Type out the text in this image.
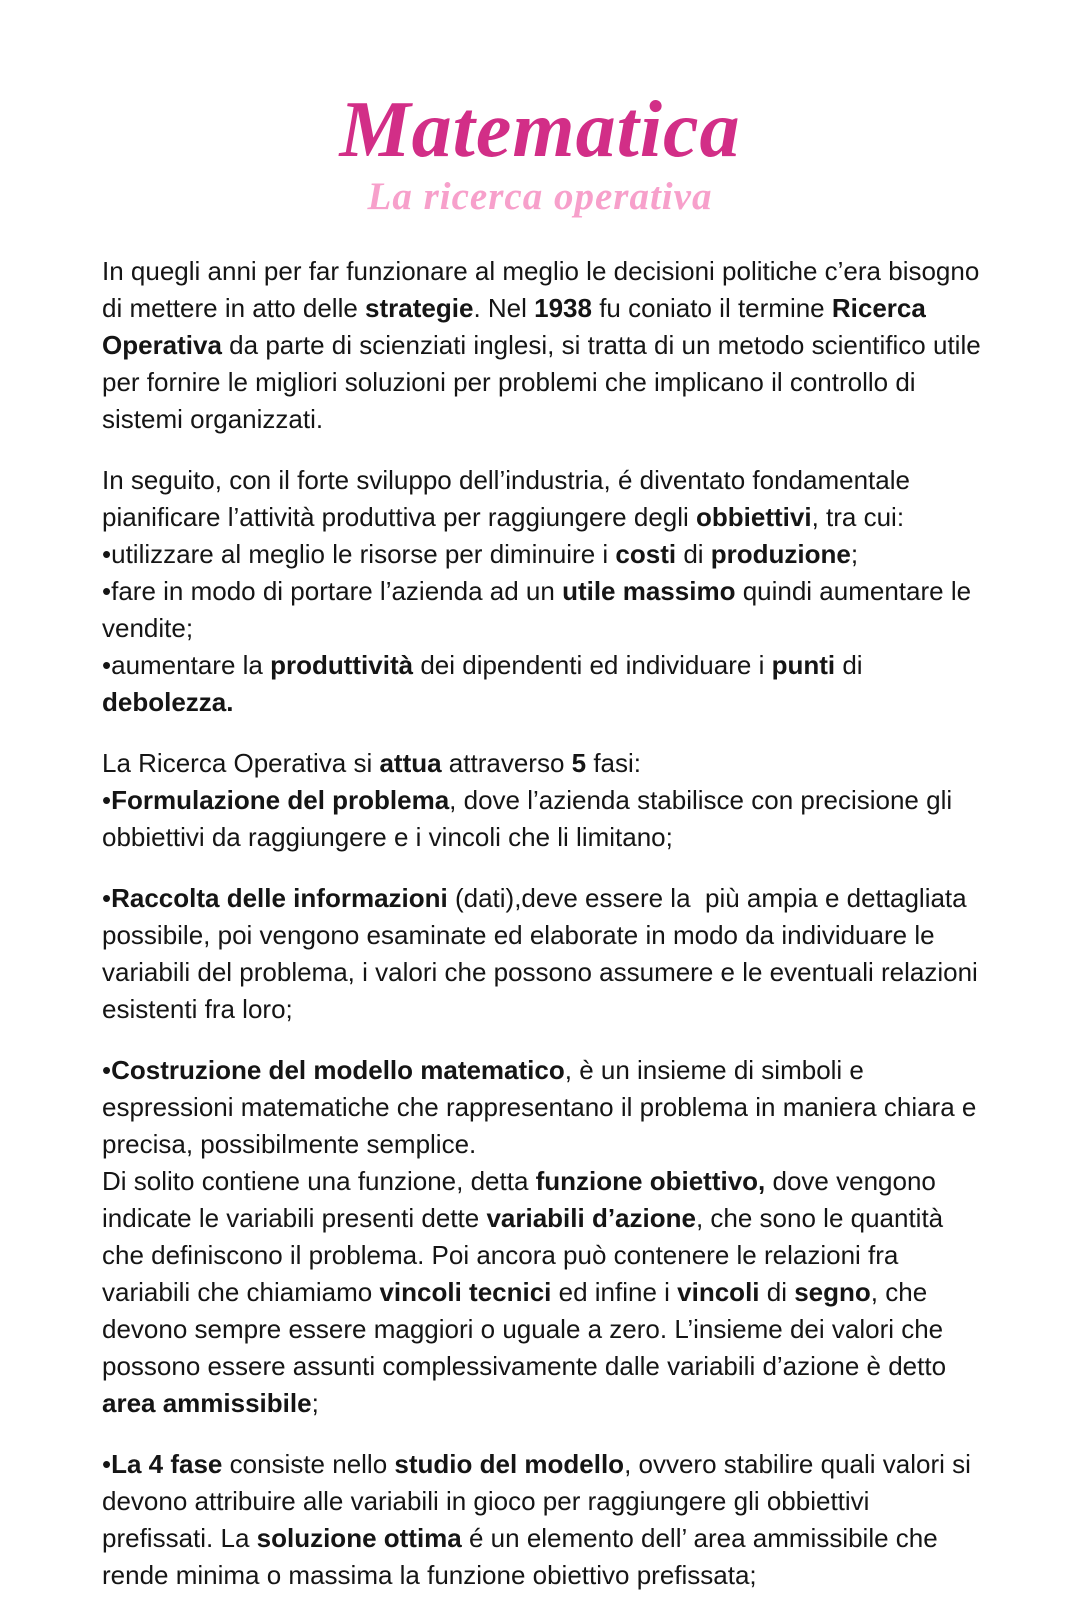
Matematica
La ricerca operativa

In quegli anni per far funzionare al meglio le decisioni politiche c’era bisogno
di mettere in atto delle strategie. Nel 1938 fu coniato il termine Ricerca
Operativa da parte di scienziati inglesi, si tratta di un metodo scientifico utile
per fornire le migliori soluzioni per problemi che implicano il controllo di
sistemi organizzati.

In seguito, con il forte sviluppo dell’industria, é diventato fondamentale
pianificare l’attività produttiva per raggiungere degli obbiettivi, tra cui:
•utilizzare al meglio le risorse per diminuire i costi di produzione;
•fare in modo di portare l’azienda ad un utile massimo quindi aumentare le
vendite;
•aumentare la produttività dei dipendenti ed individuare i punti di
debolezza.

La Ricerca Operativa si attua attraverso 5 fasi:
•Formulazione del problema, dove l’azienda stabilisce con precisione gli
obbiettivi da raggiungere e i vincoli che li limitano;

•Raccolta delle informazioni (dati),deve essere la  più ampia e dettagliata
possibile, poi vengono esaminate ed elaborate in modo da individuare le
variabili del problema, i valori che possono assumere e le eventuali relazioni
esistenti fra loro;

•Costruzione del modello matematico, è un insieme di simboli e
espressioni matematiche che rappresentano il problema in maniera chiara e
precisa, possibilmente semplice.
Di solito contiene una funzione, detta funzione obiettivo, dove vengono
indicate le variabili presenti dette variabili d’azione, che sono le quantità
che definiscono il problema. Poi ancora può contenere le relazioni fra
variabili che chiamiamo vincoli tecnici ed infine i vincoli di segno, che
devono sempre essere maggiori o uguale a zero. L’insieme dei valori che
possono essere assunti complessivamente dalle variabili d’azione è detto
area ammissibile;

•La 4 fase consiste nello studio del modello, ovvero stabilire quali valori si
devono attribuire alle variabili in gioco per raggiungere gli obbiettivi
prefissati. La soluzione ottima é un elemento dell’ area ammissibile che
rende minima o massima la funzione obiettivo prefissata;
